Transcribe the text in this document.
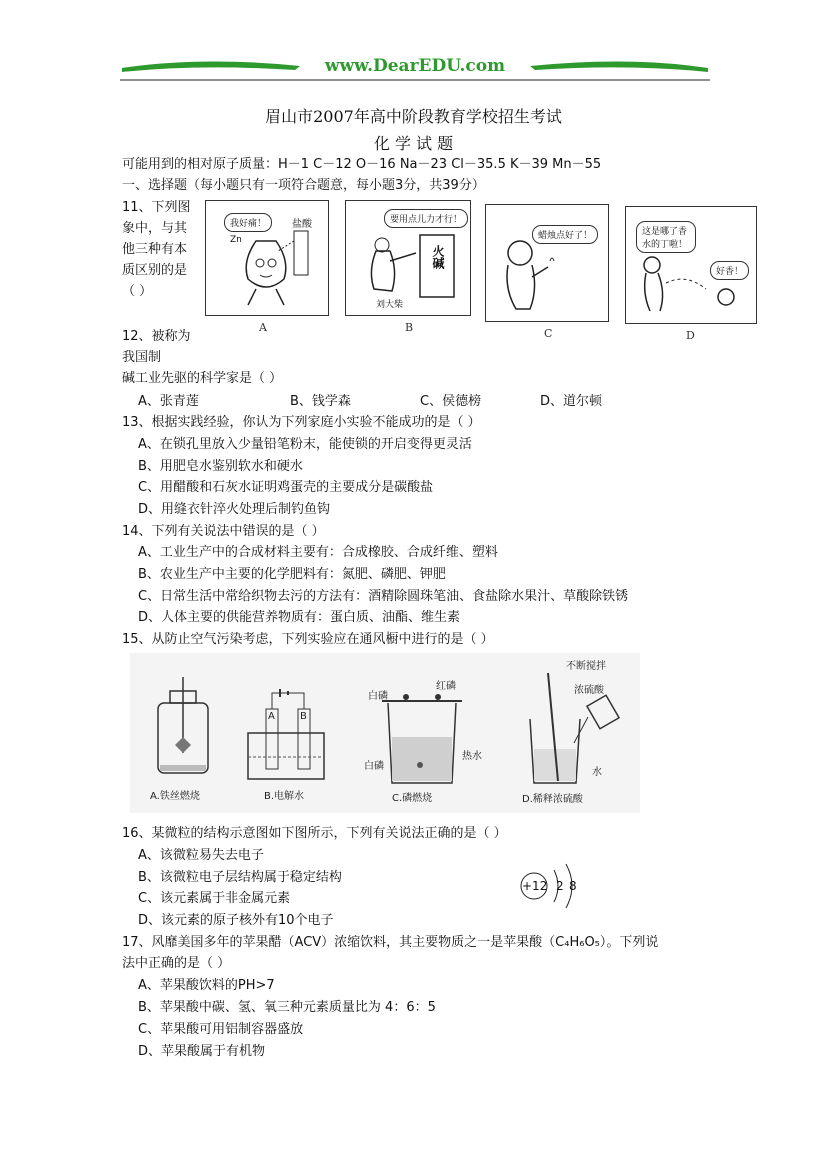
www.DearEDU.com
眉山市2007年高中阶段教育学校招生考试
化 学 试 题
可能用到的相对原子质量：H－1 C－12 O－16 Na－23 Cl－35.5 K－39 Mn－55
一、选择题（每小题只有一项符合题意，每小题3分，共39分）
11、下列图象中，与其他三种有本质区别的是（ ）
我好痛！	盐酸
Zn
A
要用点儿力才行！
火碱
刘大柴
B
蜡烛点好了！
C
这是哪了香水的丁啦！
好香！
D
12、被称为我国制
碱工业先驱的科学家是（ ）
A、张青莲	B、钱学森	C、侯德榜	D、道尔顿
13、根据实践经验，你认为下列家庭小实验不能成功的是（ ）
A、在锁孔里放入少量铅笔粉末，能使锁的开启变得更灵活
B、用肥皂水鉴别软水和硬水
C、用醋酸和石灰水证明鸡蛋壳的主要成分是碳酸盐
D、用缝衣针淬火处理后制钓鱼钩
14、下列有关说法中错误的是（ ）
A、工业生产中的合成材料主要有：合成橡胶、合成纤维、塑料
B、农业生产中主要的化学肥料有：氮肥、磷肥、钾肥
C、日常生活中常给织物去污的方法有：酒精除圆珠笔油、食盐除水果汁、草酸除铁锈
D、人体主要的供能营养物质有：蛋白质、油酯、维生素
15、从防止空气污染考虑，下列实验应在通风橱中进行的是（ ）
A.铁丝燃烧	B.电解水	C.磷燃烧	D.稀释浓硫酸
A	B
白磷
红磷
白磷
热水
不断搅拌
浓硫酸
水
16、某微粒的结构示意图如下图所示，下列有关说法正确的是（ ）
A、该微粒易失去电子
B、该微粒电子层结构属于稳定结构
C、该元素属于非金属元素
D、该元素的原子核外有10个电子
+12 2 8
17、风靡美国多年的苹果醋（ACV）浓缩饮料，其主要物质之一是苹果酸（C₄H₆O₅）。下列说
法中正确的是（ ）
A、苹果酸饮料的PH>7
B、苹果酸中碳、氢、氧三种元素质量比为 4：6：5
C、苹果酸可用铝制容器盛放
D、苹果酸属于有机物
